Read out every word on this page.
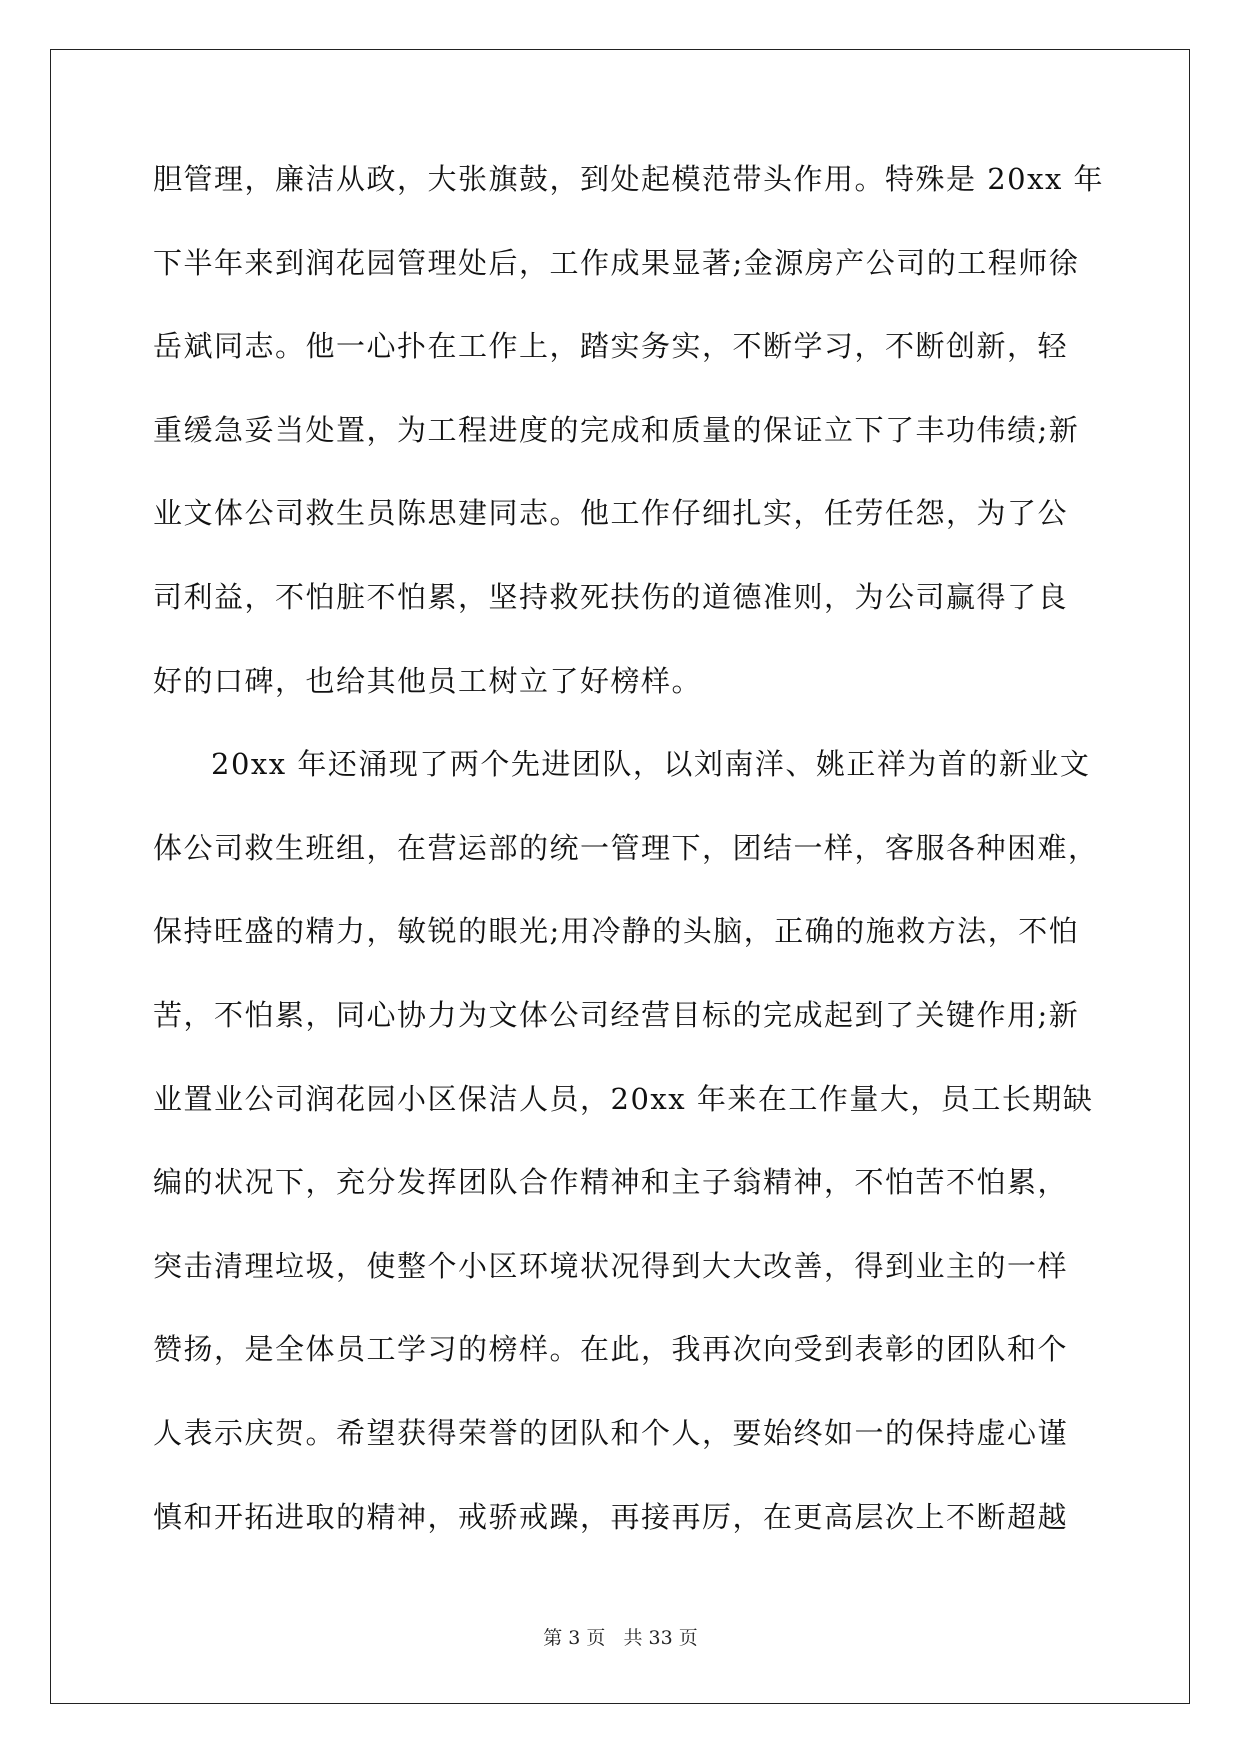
胆管理，廉洁从政，大张旗鼓，到处起模范带头作用。特殊是 20xx 年
下半年来到润花园管理处后，工作成果显著;金源房产公司的工程师徐
岳斌同志。他一心扑在工作上，踏实务实，不断学习，不断创新，轻
重缓急妥当处置，为工程进度的完成和质量的保证立下了丰功伟绩;新
业文体公司救生员陈思建同志。他工作仔细扎实，任劳任怨，为了公
司利益，不怕脏不怕累，坚持救死扶伤的道德准则，为公司赢得了良
好的口碑，也给其他员工树立了好榜样。
20xx 年还涌现了两个先进团队，以刘南洋、姚正祥为首的新业文
体公司救生班组，在营运部的统一管理下，团结一样，客服各种困难，
保持旺盛的精力，敏锐的眼光;用冷静的头脑，正确的施救方法，不怕
苦，不怕累，同心协力为文体公司经营目标的完成起到了关键作用;新
业置业公司润花园小区保洁人员，20xx 年来在工作量大，员工长期缺
编的状况下，充分发挥团队合作精神和主子翁精神，不怕苦不怕累，
突击清理垃圾，使整个小区环境状况得到大大改善，得到业主的一样
赞扬，是全体员工学习的榜样。在此，我再次向受到表彰的团队和个
人表示庆贺。希望获得荣誉的团队和个人，要始终如一的保持虚心谨
慎和开拓进取的精神，戒骄戒躁，再接再厉，在更高层次上不断超越
第 3 页 共 33 页
